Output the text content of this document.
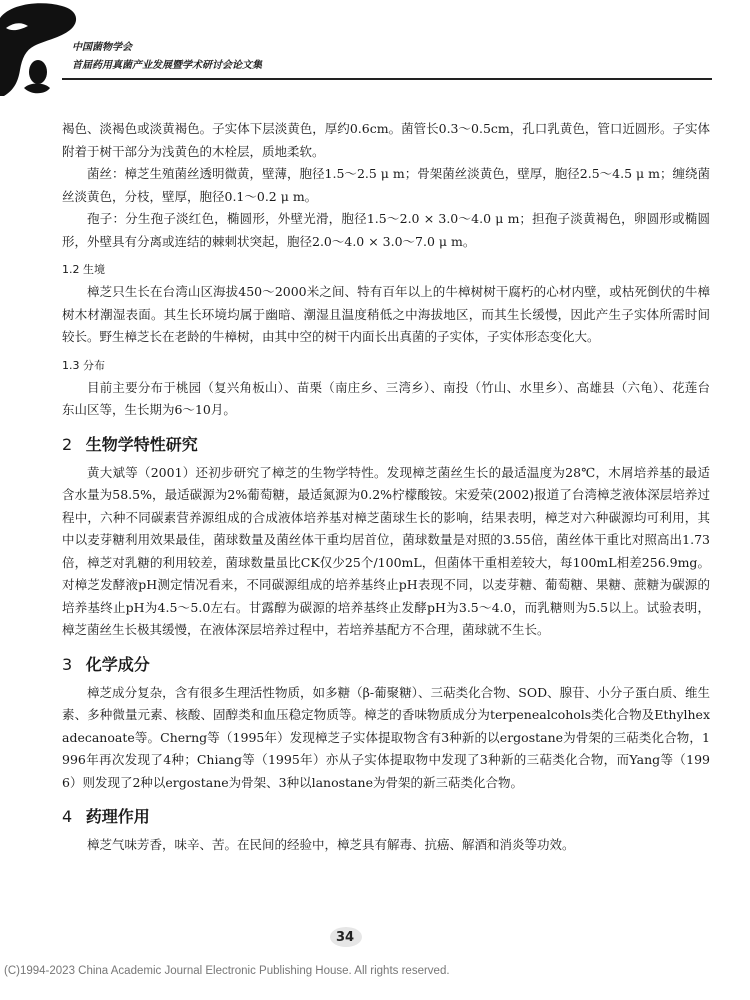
中国菌物学会
首届药用真菌产业发展暨学术研讨会论文集

褐色、淡褐色或淡黄褐色。子实体下层淡黄色，厚约0.6cm。菌管长0.3～0.5cm，孔口乳黄色，管口近圆形。子实体附着于树干部分为浅黄色的木栓层，质地柔软。

菌丝：樟芝生殖菌丝透明微黄，壁薄，胞径1.5～2.5 μ m；骨架菌丝淡黄色，壁厚，胞径2.5～4.5 μ m；缠绕菌丝淡黄色，分枝，壁厚，胞径0.1～0.2 μ m。

孢子：分生孢子淡红色，椭圆形，外壁光滑，胞径1.5～2.0 × 3.0～4.0 μ m；担孢子淡黄褐色，卵圆形或椭圆形，外壁具有分离或连结的棘刺状突起，胞径2.0～4.0 × 3.0～7.0 μ m。

1.2 生境

樟芝只生长在台湾山区海拔450～2000米之间、特有百年以上的牛樟树树干腐朽的心材内壁，或枯死倒伏的牛樟树木材潮湿表面。其生长环境均属于幽暗、潮湿且温度稍低之中海拔地区，而其生长缓慢，因此产生子实体所需时间较长。野生樟芝长在老龄的牛樟树，由其中空的树干内面长出真菌的子实体，子实体形态变化大。

1.3 分布

目前主要分布于桃园（复兴角板山）、苗栗（南庄乡、三湾乡）、南投（竹山、水里乡）、高雄县（六龟）、花莲台东山区等，生长期为6～10月。

2 生物学特性研究

黄大斌等（2001）还初步研究了樟芝的生物学特性。发现樟芝菌丝生长的最适温度为28℃，木屑培养基的最适含水量为58.5%，最适碳源为2%葡萄糖，最适氮源为0.2%柠檬酸铵。宋爱荣(2002)报道了台湾樟芝液体深层培养过程中，六种不同碳素营养源组成的合成液体培养基对樟芝菌球生长的影响，结果表明，樟芝对六种碳源均可利用，其中以麦芽糖利用效果最佳，菌球数量及菌丝体干重均居首位，菌球数量是对照的3.55倍，菌丝体干重比对照高出1.73倍，樟芝对乳糖的利用较差，菌球数量虽比CK仅少25个/100mL，但菌体干重相差较大，每100mL相差256.9mg。对樟芝发酵液pH测定情况看来，不同碳源组成的培养基终止pH表现不同，以麦芽糖、葡萄糖、果糖、蔗糖为碳源的培养基终止pH为4.5～5.0左右。甘露醇为碳源的培养基终止发酵pH为3.5～4.0，而乳糖则为5.5以上。试验表明，樟芝菌丝生长极其缓慢，在液体深层培养过程中，若培养基配方不合理，菌球就不生长。

3 化学成分

樟芝成分复杂，含有很多生理活性物质，如多糖（β-葡聚糖）、三萜类化合物、SOD、腺苷、小分子蛋白质、维生素、多种微量元素、核酸、固醇类和血压稳定物质等。樟芝的香味物质成分为terpenealcohols类化合物及Ethylhexadecanoate等。Cherng等（1995年）发现樟芝子实体提取物含有3种新的以ergostane为骨架的三萜类化合物，1996年再次发现了4种；Chiang等（1995年）亦从子实体提取物中发现了3种新的三萜类化合物，而Yang等（1996）则发现了2种以ergostane为骨架、3种以lanostane为骨架的新三萜类化合物。

4 药理作用

樟芝气味芳香，味辛、苦。在民间的经验中，樟芝具有解毒、抗癌、解酒和消炎等功效。

34
(C)1994-2023 China Academic Journal Electronic Publishing House. All rights reserved.
